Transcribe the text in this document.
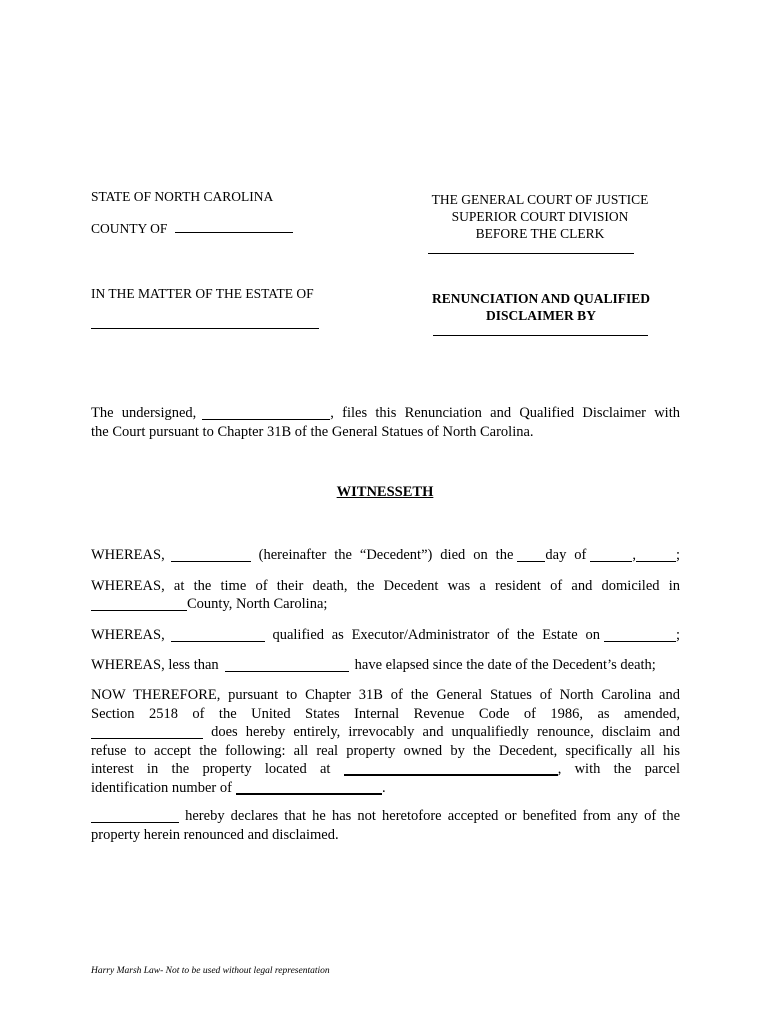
STATE OF NORTH CAROLINA
COUNTY OF
THE GENERAL COURT OF JUSTICE
SUPERIOR COURT DIVISION
BEFORE THE CLERK
IN THE MATTER OF THE ESTATE OF	RENUNCIATION AND QUALIFIED
DISCLAIMER BY
The undersigned,	, files this Renunciation and Qualified Disclaimer with
the Court pursuant to Chapter 31B of the General Statues of North Carolina.
WITNESSETH
WHEREAS,	(hereinafter the “Decedent”) died on the day of	,	;
WHEREAS, at the time of their death, the Decedent was a resident of and domiciled in
County, North Carolina;
WHEREAS,	qualified as Executor/Administrator of the Estate on	;
WHEREAS, less than	have elapsed since the date of the Decedent’s death;
NOW THEREFORE, pursuant to Chapter 31B of the General Statues of North Carolina and
Section 2518 of the United States Internal Revenue Code of 1986, as amended,
does hereby entirely, irrevocably and unqualifiedly renounce, disclaim and
refuse to accept the following: all real property owned by the Decedent, specifically all his
interest in the property located at	, with the parcel
identification number of	.
hereby declares that he has not heretofore accepted or benefited from any of the
property herein renounced and disclaimed.
Harry Marsh Law- Not to be used without legal representation
